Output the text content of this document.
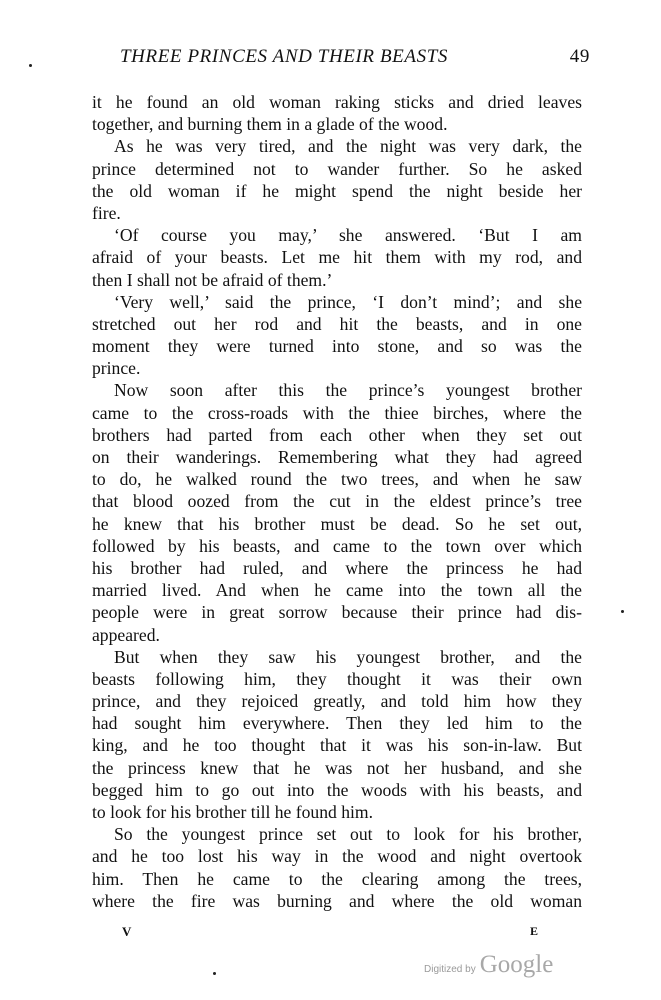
THREE PRINCES AND THEIR BEASTS	49
it he found an old woman raking sticks and dried leaves
together, and burning them in a glade of the wood.
As he was very tired, and the night was very dark, the
prince determined not to wander further. So he asked
the old woman if he might spend the night beside her
fire.
‘Of course you may,’ she answered. ‘But I am
afraid of your beasts. Let me hit them with my rod, and
then I shall not be afraid of them.’
‘Very well,’ said the prince, ‘I don’t mind’; and she
stretched out her rod and hit the beasts, and in one
moment they were turned into stone, and so was the
prince.
Now soon after this the prince’s youngest brother
came to the cross-roads with the thiee birches, where the
brothers had parted from each other when they set out
on their wanderings. Remembering what they had agreed
to do, he walked round the two trees, and when he saw
that blood oozed from the cut in the eldest prince’s tree
he knew that his brother must be dead. So he set out,
followed by his beasts, and came to the town over which
his brother had ruled, and where the princess he had
married lived. And when he came into the town all the
people were in great sorrow because their prince had dis-
appeared.
But when they saw his youngest brother, and the
beasts following him, they thought it was their own
prince, and they rejoiced greatly, and told him how they
had sought him everywhere. Then they led him to the
king, and he too thought that it was his son-in-law. But
the princess knew that he was not her husband, and she
begged him to go out into the woods with his beasts, and
to look for his brother till he found him.
So the youngest prince set out to look for his brother,
and he too lost his way in the wood and night overtook
him. Then he came to the clearing among the trees,
where the fire was burning and where the old woman
V	E
Digitized by Google
